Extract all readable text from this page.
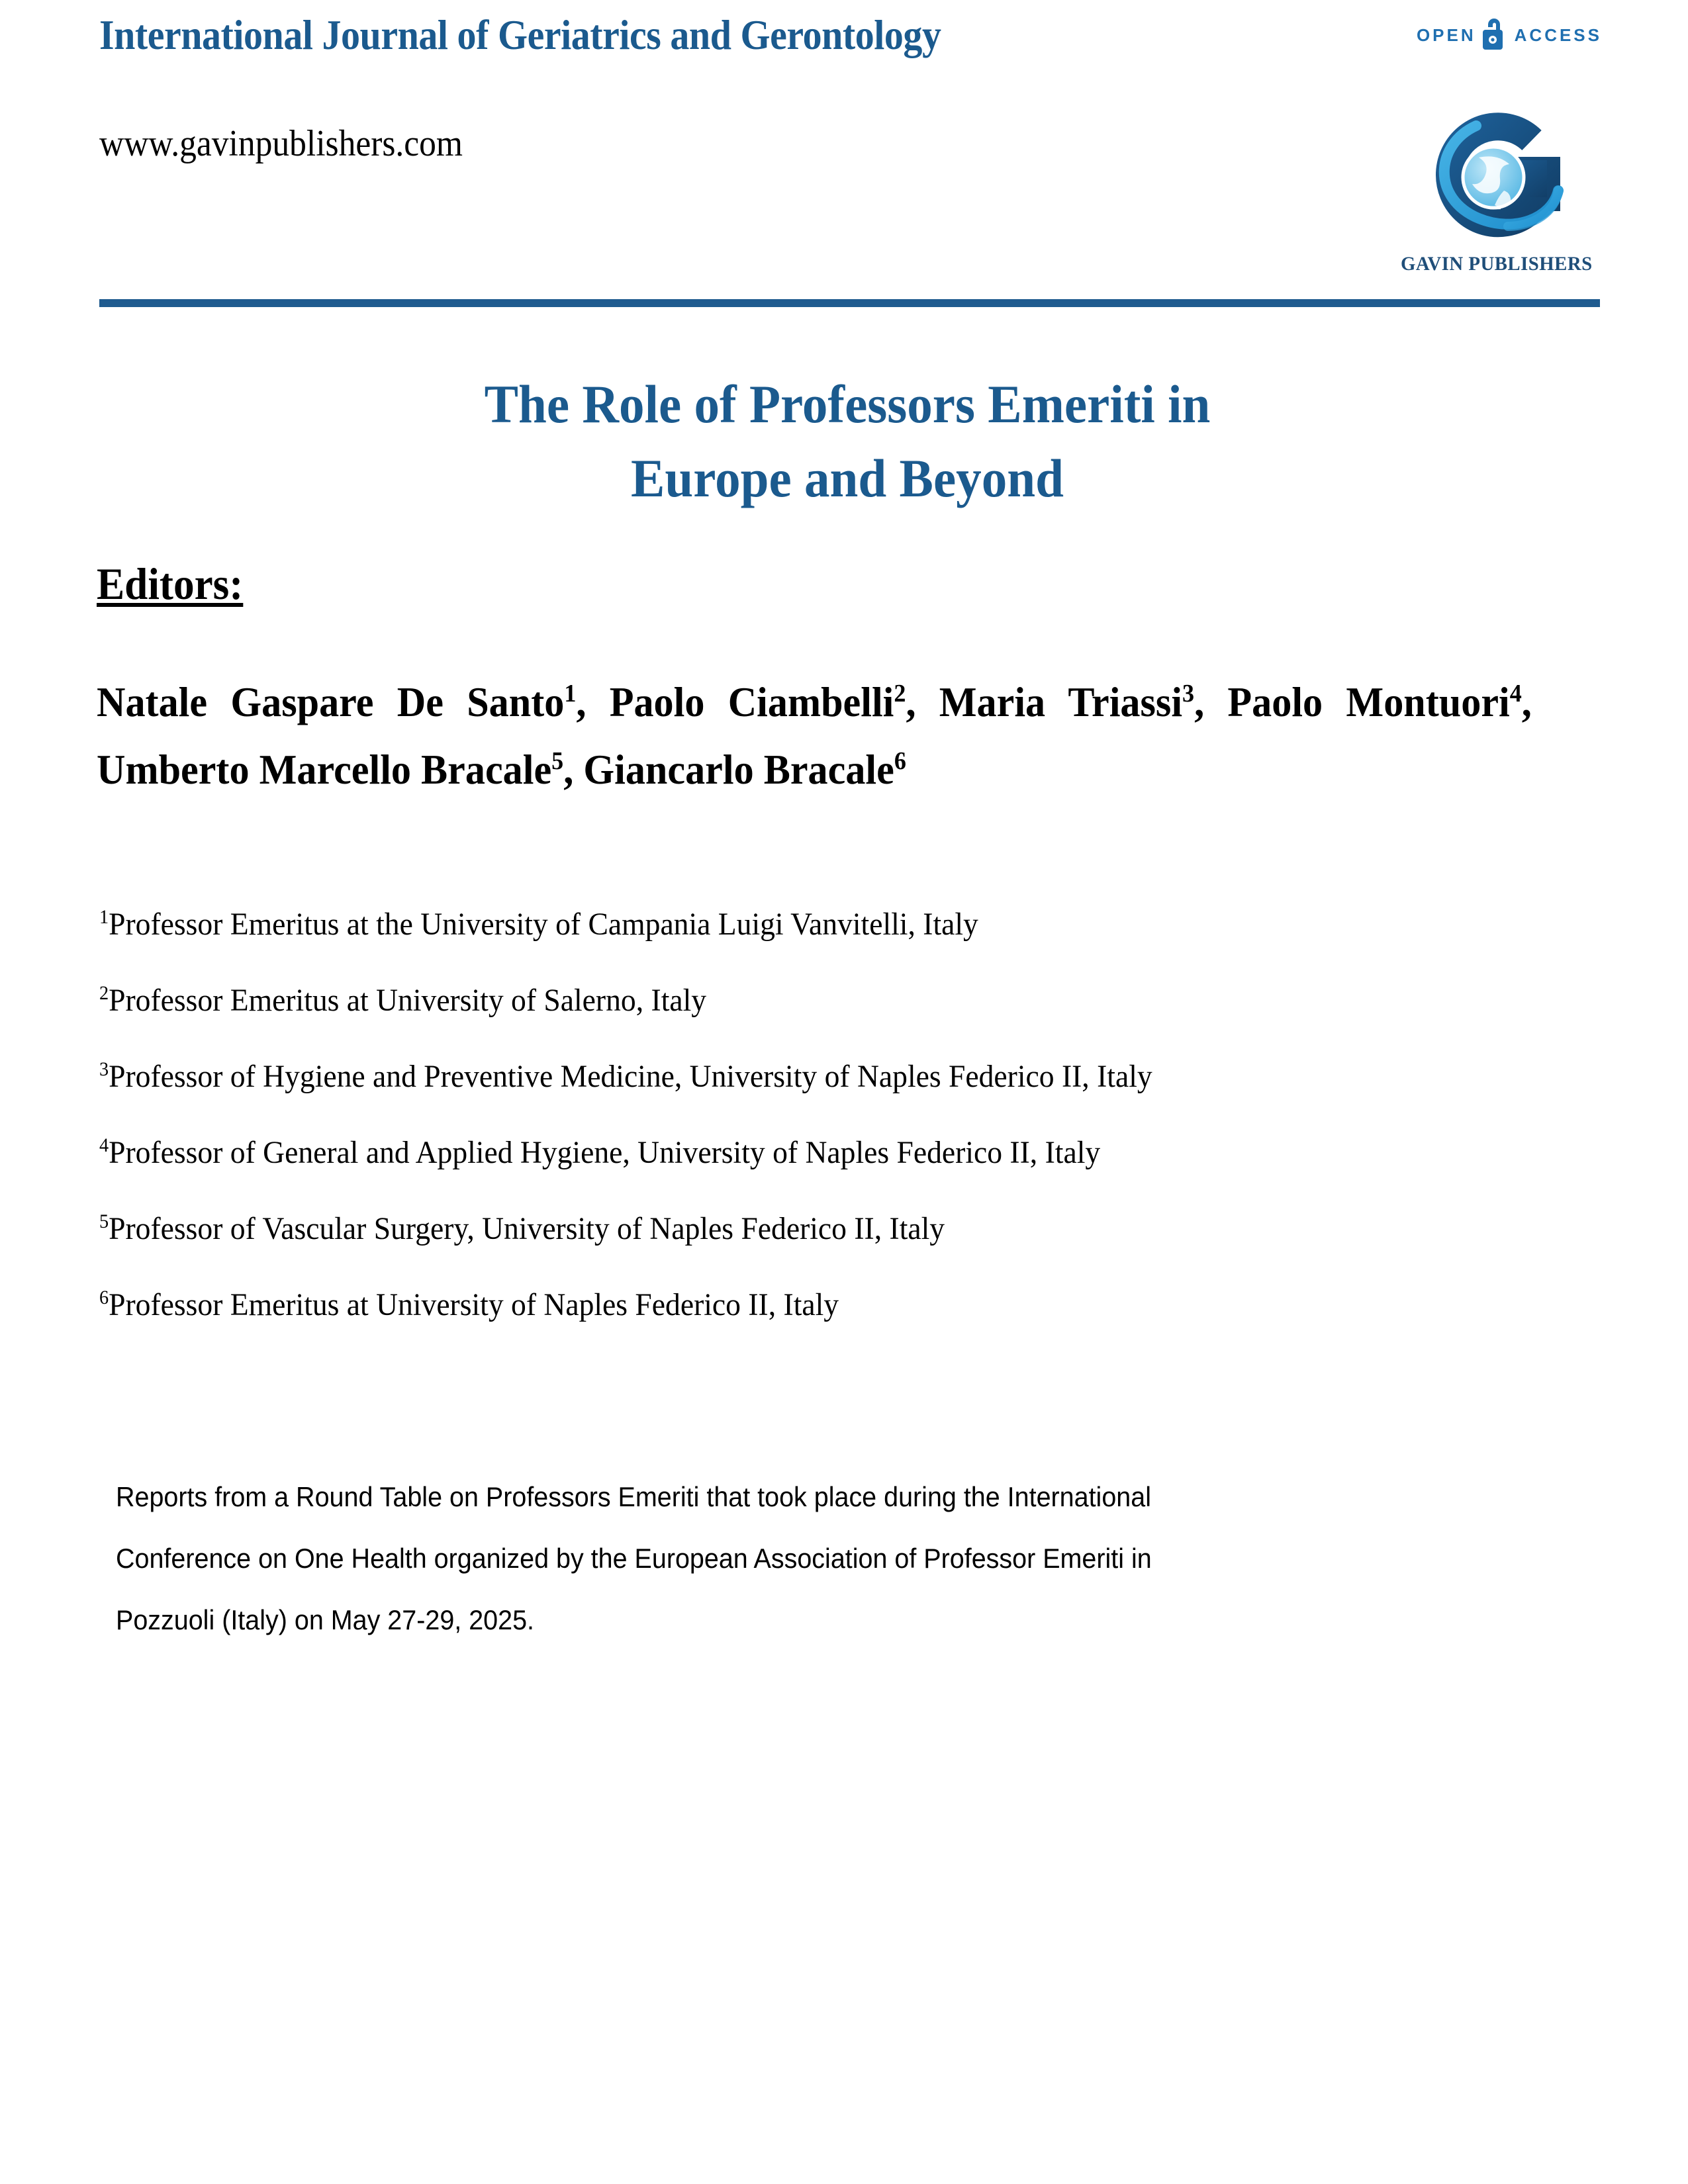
International Journal of Geriatrics and Gerontology	OPEN ACCESS
www.gavinpublishers.com
GAVIN PUBLISHERS
The Role of Professors Emeriti in
Europe and Beyond
Editors:
Natale Gaspare De Santo$^1$, Paolo Ciambelli$^2$, Maria Triassi$^3$, Paolo Montuori$^4$, Umberto Marcello Bracale$^5$, Giancarlo Bracale$^6$
$^1$Professor Emeritus at the University of Campania Luigi Vanvitelli, Italy
$^2$Professor Emeritus at University of Salerno, Italy
$^3$Professor of Hygiene and Preventive Medicine, University of Naples Federico II, Italy
$^4$Professor of General and Applied Hygiene, University of Naples Federico II, Italy
$^5$Professor of Vascular Surgery, University of Naples Federico II, Italy
$^6$Professor Emeritus at University of Naples Federico II, Italy
Reports from a Round Table on Professors Emeriti that took place during the International
Conference on One Health organized by the European Association of Professor Emeriti in
Pozzuoli (Italy) on May 27-29, 2025.
